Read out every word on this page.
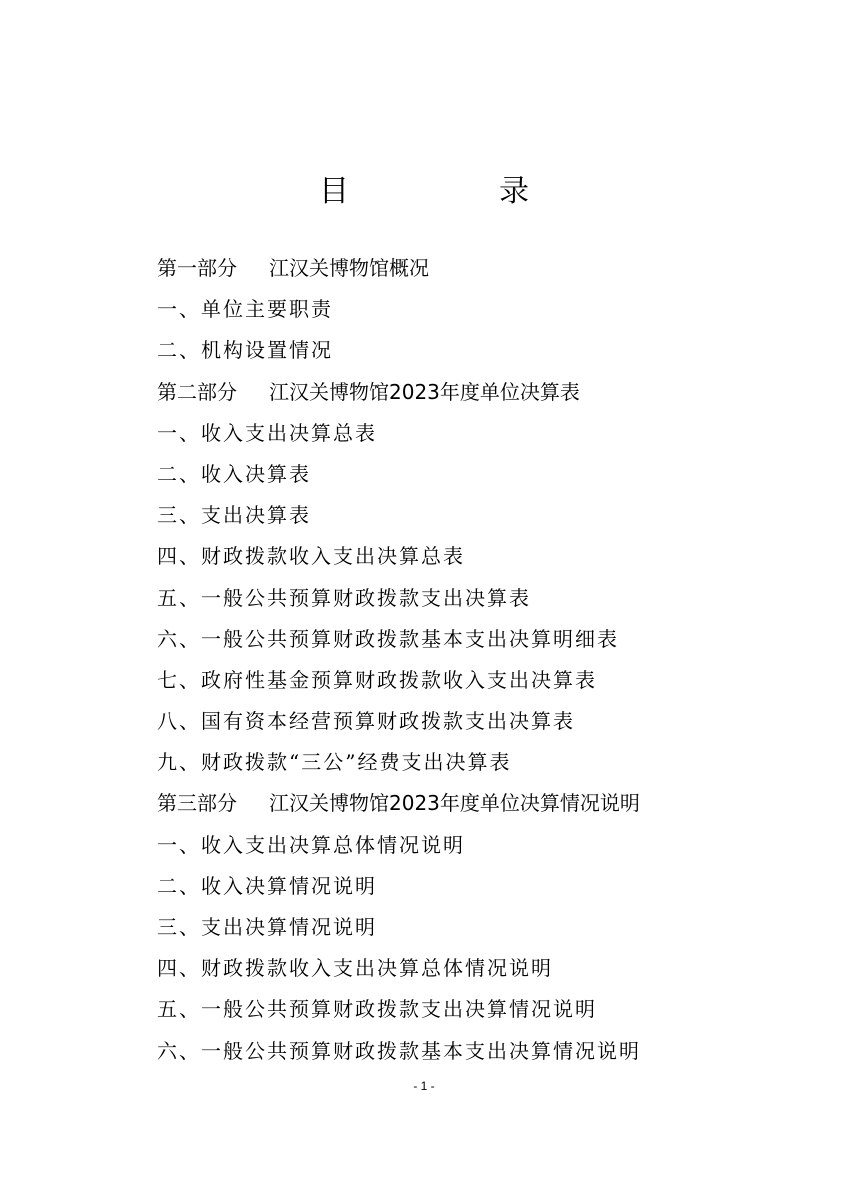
目　录
第一部分 江汉关博物馆概况
一、单位主要职责
二、机构设置情况
第二部分 江汉关博物馆2023年度单位决算表
一、收入支出决算总表
二、收入决算表
三、支出决算表
四、财政拨款收入支出决算总表
五、一般公共预算财政拨款支出决算表
六、一般公共预算财政拨款基本支出决算明细表
七、政府性基金预算财政拨款收入支出决算表
八、国有资本经营预算财政拨款支出决算表
九、财政拨款“三公”经费支出决算表
第三部分 江汉关博物馆2023年度单位决算情况说明
一、收入支出决算总体情况说明
二、收入决算情况说明
三、支出决算情况说明
四、财政拨款收入支出决算总体情况说明
五、一般公共预算财政拨款支出决算情况说明
六、一般公共预算财政拨款基本支出决算情况说明
- 1 -
